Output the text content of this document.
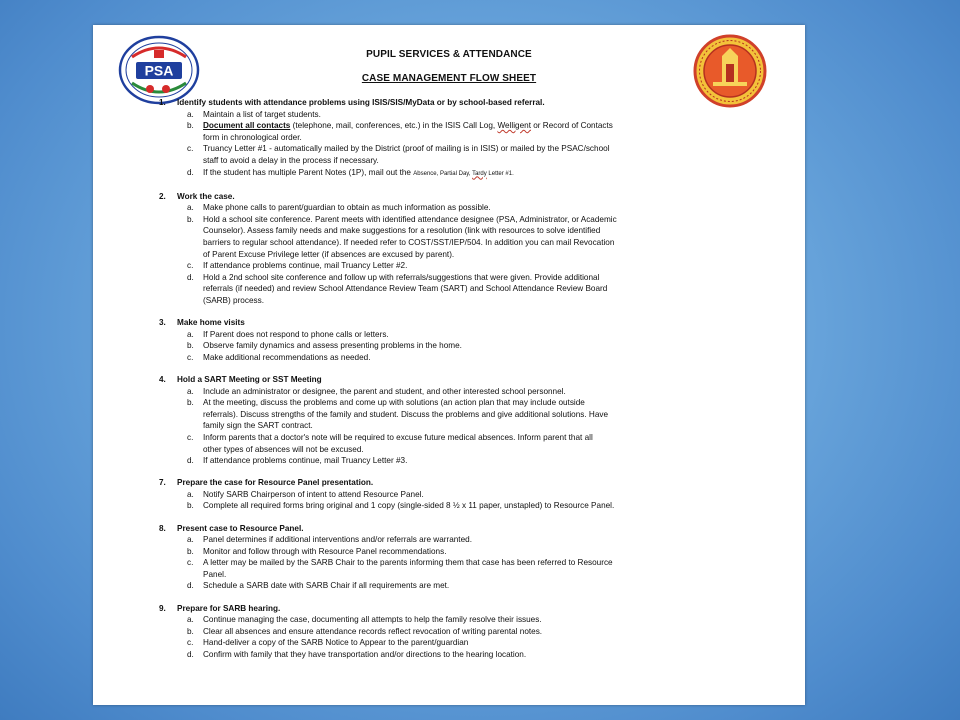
PSA
PUPIL SERVICES & ATTENDANCE
CASE MANAGEMENT FLOW SHEET
1. Identify students with attendance problems using ISIS/SIS/MyData or by school-based referral.
a. Maintain a list of target students.
b. Document all contacts (telephone, mail, conferences, etc.) in the ISIS Call Log, Welligent or Record of Contacts
form in chronological order.
c. Truancy Letter #1 - automatically mailed by the District (proof of mailing is in ISIS) or mailed by the PSAC/school
staff to avoid a delay in the process if necessary.
d. If the student has multiple Parent Notes (1P), mail out the Absence, Partial Day, Tardy Letter #1.
2. Work the case.
a. Make phone calls to parent/guardian to obtain as much information as possible.
b. Hold a school site conference. Parent meets with identified attendance designee (PSA, Administrator, or Academic
Counselor). Assess family needs and make suggestions for a resolution (link with resources to solve identified
barriers to regular school attendance). If needed refer to COST/SST/IEP/504. In addition you can mail Revocation
of Parent Excuse Privilege letter (if absences are excused by parent).
c. If attendance problems continue, mail Truancy Letter #2.
d. Hold a 2nd school site conference and follow up with referrals/suggestions that were given. Provide additional
referrals (if needed) and review School Attendance Review Team (SART) and School Attendance Review Board
(SARB) process.
3. Make home visits
a. If Parent does not respond to phone calls or letters.
b. Observe family dynamics and assess presenting problems in the home.
c. Make additional recommendations as needed.
4. Hold a SART Meeting or SST Meeting
a. Include an administrator or designee, the parent and student, and other interested school personnel.
b. At the meeting, discuss the problems and come up with solutions (an action plan that may include outside
referrals). Discuss strengths of the family and student. Discuss the problems and give additional solutions. Have
family sign the SART contract.
c. Inform parents that a doctor's note will be required to excuse future medical absences. Inform parent that all
other types of absences will not be excused.
d. If attendance problems continue, mail Truancy Letter #3.
7. Prepare the case for Resource Panel presentation.
a. Notify SARB Chairperson of intent to attend Resource Panel.
b. Complete all required forms bring original and 1 copy (single-sided 8 ½ x 11 paper, unstapled) to Resource Panel.
8. Present case to Resource Panel.
a. Panel determines if additional interventions and/or referrals are warranted.
b. Monitor and follow through with Resource Panel recommendations.
c. A letter may be mailed by the SARB Chair to the parents informing them that case has been referred to Resource
Panel.
d. Schedule a SARB date with SARB Chair if all requirements are met.
9. Prepare for SARB hearing.
a. Continue managing the case, documenting all attempts to help the family resolve their issues.
b. Clear all absences and ensure attendance records reflect revocation of writing parental notes.
c. Hand-deliver a copy of the SARB Notice to Appear to the parent/guardian
d. Confirm with family that they have transportation and/or directions to the hearing location.
